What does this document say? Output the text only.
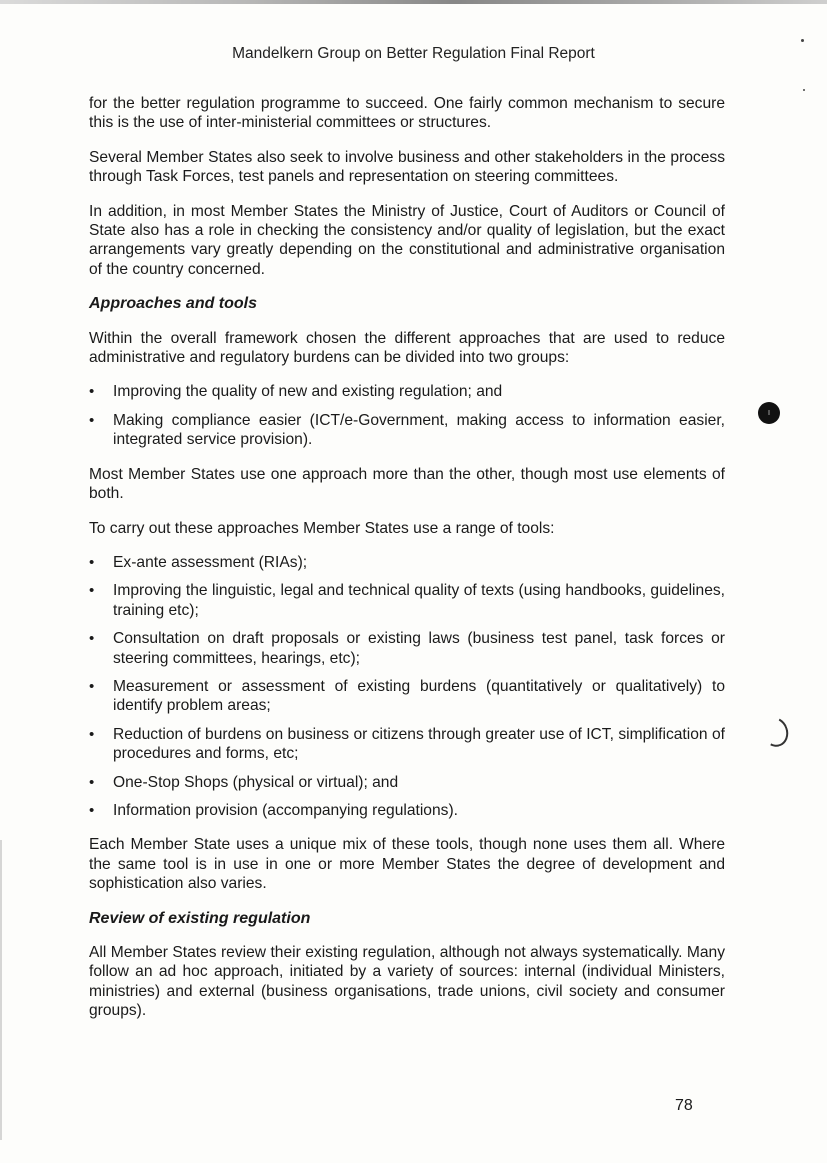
Mandelkern Group on Better Regulation Final Report

for the better regulation programme to succeed. One fairly common mechanism to secure this is the use of inter-ministerial committees or structures.

Several Member States also seek to involve business and other stakeholders in the process through Task Forces, test panels and representation on steering committees.

In addition, in most Member States the Ministry of Justice, Court of Auditors or Council of State also has a role in checking the consistency and/or quality of legislation, but the exact arrangements vary greatly depending on the constitutional and administrative organisation of the country concerned.

Approaches and tools

Within the overall framework chosen the different approaches that are used to reduce administrative and regulatory burdens can be divided into two groups:

• Improving the quality of new and existing regulation; and
• Making compliance easier (ICT/e-Government, making access to information easier, integrated service provision).

Most Member States use one approach more than the other, though most use elements of both.

To carry out these approaches Member States use a range of tools:

• Ex-ante assessment (RIAs);
• Improving the linguistic, legal and technical quality of texts (using handbooks, guidelines, training etc);
• Consultation on draft proposals or existing laws (business test panel, task forces or steering committees, hearings, etc);
• Measurement or assessment of existing burdens (quantitatively or qualitatively) to identify problem areas;
• Reduction of burdens on business or citizens through greater use of ICT, simplification of procedures and forms, etc;
• One-Stop Shops (physical or virtual); and
• Information provision (accompanying regulations).

Each Member State uses a unique mix of these tools, though none uses them all. Where the same tool is in use in one or more Member States the degree of development and sophistication also varies.

Review of existing regulation

All Member States review their existing regulation, although not always systematically. Many follow an ad hoc approach, initiated by a variety of sources: internal (individual Ministers, ministries) and external (business organisations, trade unions, civil society and consumer groups).

78
